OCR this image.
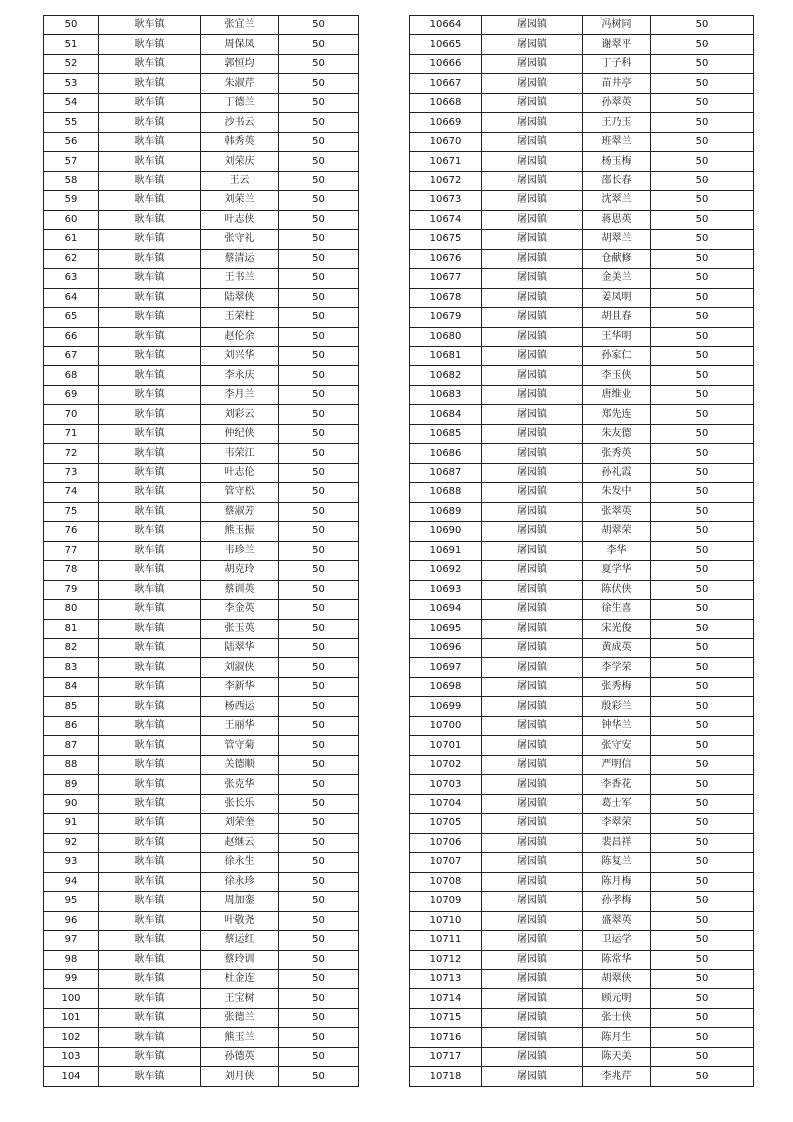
50	耿车镇	张宜兰	50
51	耿车镇	周保凤	50
52	耿车镇	郭恒均	50
53	耿车镇	朱淑芹	50
54	耿车镇	丁德兰	50
55	耿车镇	沙书云	50
56	耿车镇	韩秀英	50
57	耿车镇	刘荣庆	50
58	耿车镇	王云	50
59	耿车镇	刘荣兰	50
60	耿车镇	叶志侠	50
61	耿车镇	张守礼	50
62	耿车镇	蔡清运	50
63	耿车镇	王书兰	50
64	耿车镇	陆翠侠	50
65	耿车镇	王荣柱	50
66	耿车镇	赵伦余	50
67	耿车镇	刘兴华	50
68	耿车镇	李永庆	50
69	耿车镇	李月兰	50
70	耿车镇	刘彩云	50
71	耿车镇	仲纪侠	50
72	耿车镇	韦荣江	50
73	耿车镇	叶志伦	50
74	耿车镇	管守松	50
75	耿车镇	蔡淑芳	50
76	耿车镇	熊玉振	50
77	耿车镇	韦珍兰	50
78	耿车镇	胡克玲	50
79	耿车镇	蔡训英	50
80	耿车镇	李金英	50
81	耿车镇	张玉英	50
82	耿车镇	陆翠华	50
83	耿车镇	刘淑侠	50
84	耿车镇	李新华	50
85	耿车镇	杨西运	50
86	耿车镇	王丽华	50
87	耿车镇	管守菊	50
88	耿车镇	关德顺	50
89	耿车镇	张克华	50
90	耿车镇	张长乐	50
91	耿车镇	刘荣奎	50
92	耿车镇	赵继云	50
93	耿车镇	徐永生	50
94	耿车镇	徐永珍	50
95	耿车镇	周加銮	50
96	耿车镇	叶敬尧	50
97	耿车镇	蔡运红	50
98	耿车镇	蔡玲训	50
99	耿车镇	杜金连	50
100	耿车镇	王宝树	50
101	耿车镇	张德兰	50
102	耿车镇	熊玉兰	50
103	耿车镇	孙德英	50
104	耿车镇	刘月侠	50
10664	屠园镇	冯树同	50
10665	屠园镇	谢翠平	50
10666	屠园镇	丁子科	50
10667	屠园镇	苗井亭	50
10668	屠园镇	孙翠英	50
10669	屠园镇	王乃玉	50
10670	屠园镇	班翠兰	50
10671	屠园镇	杨玉梅	50
10672	屠园镇	邵长春	50
10673	屠园镇	沈翠兰	50
10674	屠园镇	蒋思英	50
10675	屠园镇	胡翠兰	50
10676	屠园镇	仓献修	50
10677	屠园镇	金美兰	50
10678	屠园镇	姜凤明	50
10679	屠园镇	胡且春	50
10680	屠园镇	王华明	50
10681	屠园镇	孙家仁	50
10682	屠园镇	李玉侠	50
10683	屠园镇	唐维业	50
10684	屠园镇	郑先连	50
10685	屠园镇	朱友德	50
10686	屠园镇	张秀英	50
10687	屠园镇	孙礼霞	50
10688	屠园镇	朱发中	50
10689	屠园镇	张翠英	50
10690	屠园镇	胡翠荣	50
10691	屠园镇	李华	50
10692	屠园镇	夏学华	50
10693	屠园镇	陈伏侠	50
10694	屠园镇	徐生喜	50
10695	屠园镇	宋光俊	50
10696	屠园镇	黄成英	50
10697	屠园镇	李学荣	50
10698	屠园镇	张秀梅	50
10699	屠园镇	殷彩兰	50
10700	屠园镇	钟华兰	50
10701	屠园镇	张守安	50
10702	屠园镇	严明信	50
10703	屠园镇	李香花	50
10704	屠园镇	葛士军	50
10705	屠园镇	李翠荣	50
10706	屠园镇	裴昌祥	50
10707	屠园镇	陈复兰	50
10708	屠园镇	陈月梅	50
10709	屠园镇	孙孝梅	50
10710	屠园镇	盛翠英	50
10711	屠园镇	卫运学	50
10712	屠园镇	陈常华	50
10713	屠园镇	胡翠侠	50
10714	屠园镇	顾元明	50
10715	屠园镇	张士侠	50
10716	屠园镇	陈月生	50
10717	屠园镇	陈天美	50
10718	屠园镇	李兆芹	50
